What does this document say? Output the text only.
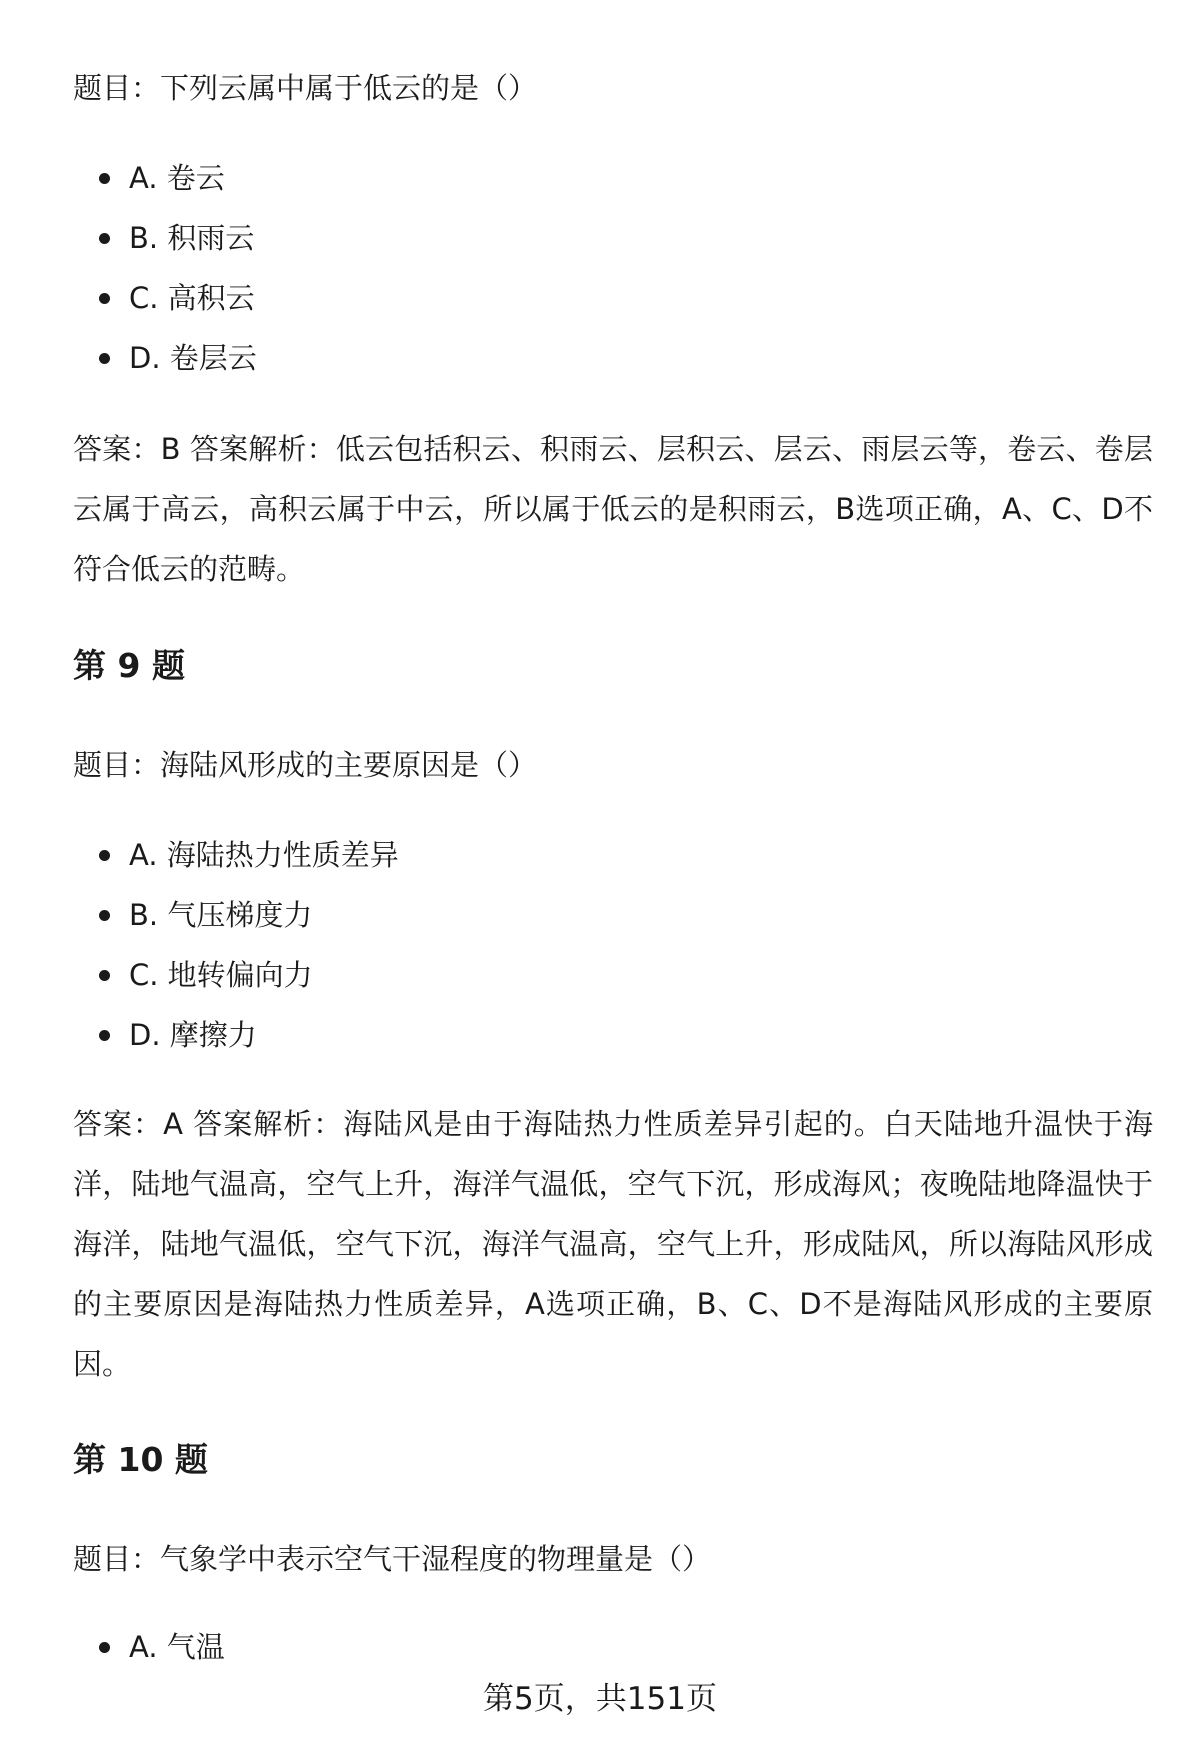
题目：下列云属中属于低云的是（）
A. 卷云
B. 积雨云
C. 高积云
D. 卷层云

答案：B 答案解析：低云包括积云、积雨云、层积云、层云、雨层云等，卷云、卷层云属于高云，高积云属于中云，所以属于低云的是积雨云，B选项正确，A、C、D不符合低云的范畴。

第 9 题
题目：海陆风形成的主要原因是（）
A. 海陆热力性质差异
B. 气压梯度力
C. 地转偏向力
D. 摩擦力

答案：A 答案解析：海陆风是由于海陆热力性质差异引起的。白天陆地升温快于海洋，陆地气温高，空气上升，海洋气温低，空气下沉，形成海风；夜晚陆地降温快于海洋，陆地气温低，空气下沉，海洋气温高，空气上升，形成陆风，所以海陆风形成的主要原因是海陆热力性质差异，A选项正确，B、C、D不是海陆风形成的主要原因。

第 10 题
题目：气象学中表示空气干湿程度的物理量是（）
A. 气温
第5页，共151页
